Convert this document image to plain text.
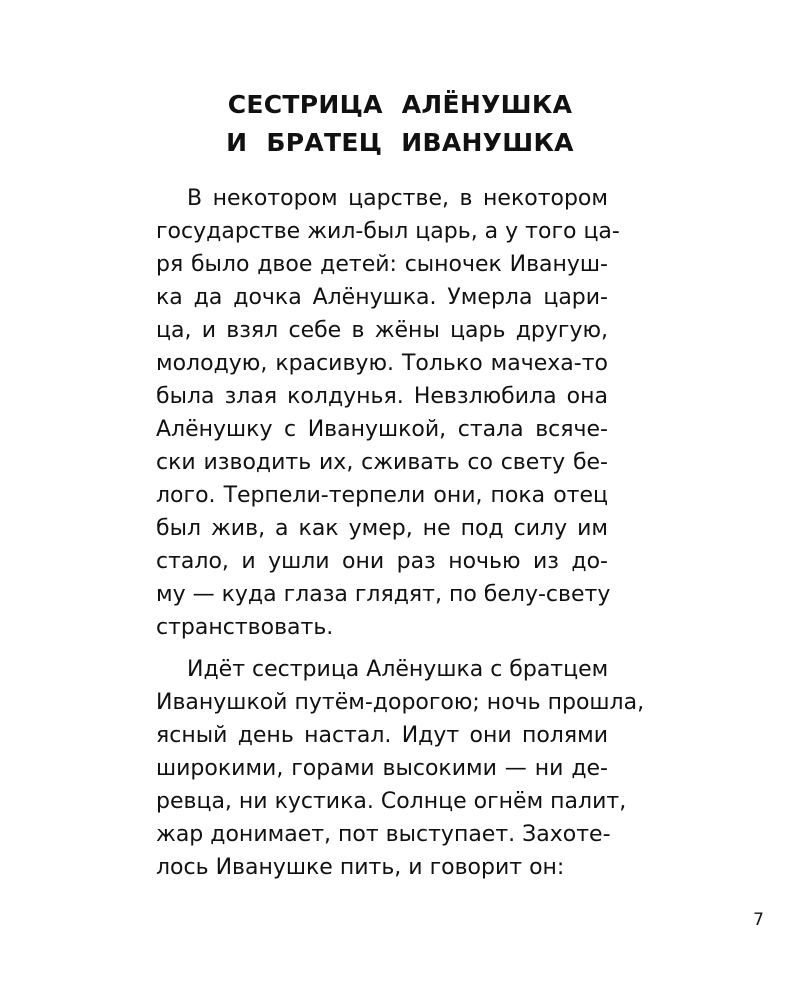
СЕСТРИЦА АЛЁНУШКА
И БРАТЕЦ ИВАНУШКА

В некотором царстве, в некотором
государстве жил-был царь, а у того ца-
ря было двое детей: сыночек Ивануш-
ка да дочка Алёнушка. Умерла цари-
ца, и взял себе в жёны царь другую,
молодую, красивую. Только мачеха-то
была злая колдунья. Невзлюбила она
Алёнушку с Иванушкой, стала всяче-
ски изводить их, сживать со свету бе-
лого. Терпели-терпели они, пока отец
был жив, а как умер, не под силу им
стало, и ушли они раз ночью из до-
му — куда глаза глядят, по белу-свету
странствовать.

Идёт сестрица Алёнушка с братцем
Иванушкой путём-дорогою; ночь прошла,
ясный день настал. Идут они полями
широкими, горами высокими — ни де-
ревца, ни кустика. Солнце огнём палит,
жар донимает, пот выступает. Захоте-
лось Иванушке пить, и говорит он:

7
